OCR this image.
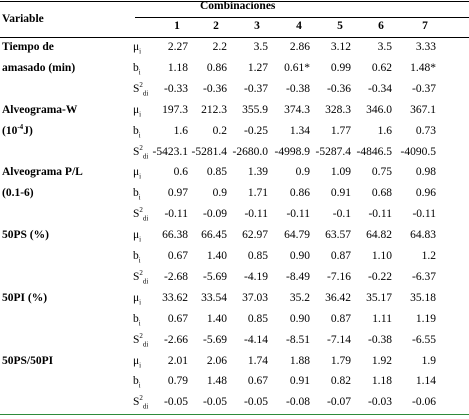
Variable
Combinaciones
1	2	3	4	5	6	7
Tiempo de	$\mu_i$	2.27	2.2	3.5	2.86	3.12	3.5	3.33
amasado (min)	$b_i$	1.18	0.86	1.27	0.61*	0.99	0.62	1.48*
$S^2_{di}$	-0.33	-0.36	-0.37	-0.38	-0.36	-0.34	-0.37
Alveograma-W	$\mu_i$	197.3	212.3	355.9	374.3	328.3	346.0	367.1
$(10^{-4}J)$	$b_i$	1.6	0.2	-0.25	1.34	1.77	1.6	0.73
$S^2_{di}$ -5423.1 -5281.4 -2680.0 -4998.9 -5287.4 -4846.5 -4090.5
Alveograma P/L	$\mu_i$	0.6	0.85	1.39	0.9	1.09	0.75	0.98
(0.1-6)	$b_i$	0.97	0.9	1.71	0.86	0.91	0.68	0.96
$S^2_{di}$	-0.11	-0.09	-0.11	-0.11	-0.1	-0.11	-0.11
50PS (%)	$\mu_i$	66.38	66.45	62.97	64.79	63.57	64.82	64.83
$b_i$	0.67	1.40	0.85	0.90	0.87	1.10	1.2
$S^2_{di}$	-2.68	-5.69	-4.19	-8.49	-7.16	-0.22	-6.37
50PI (%)	$\mu_i$	33.62	33.54	37.03	35.2	36.42	35.17	35.18
$b_i$	0.67	1.40	0.85	0.90	0.87	1.11	1.19
$S^2_{di}$	-2.66	-5.69	-4.14	-8.51	-7.14	-0.38	-6.55
50PS/50PI	$\mu_i$	2.01	2.06	1.74	1.88	1.79	1.92	1.9
$b_i$	0.79	1.48	0.67	0.91	0.82	1.18	1.14
$S^2_{di}$	-0.05	-0.05	-0.05	-0.08	-0.07	-0.03	-0.06
